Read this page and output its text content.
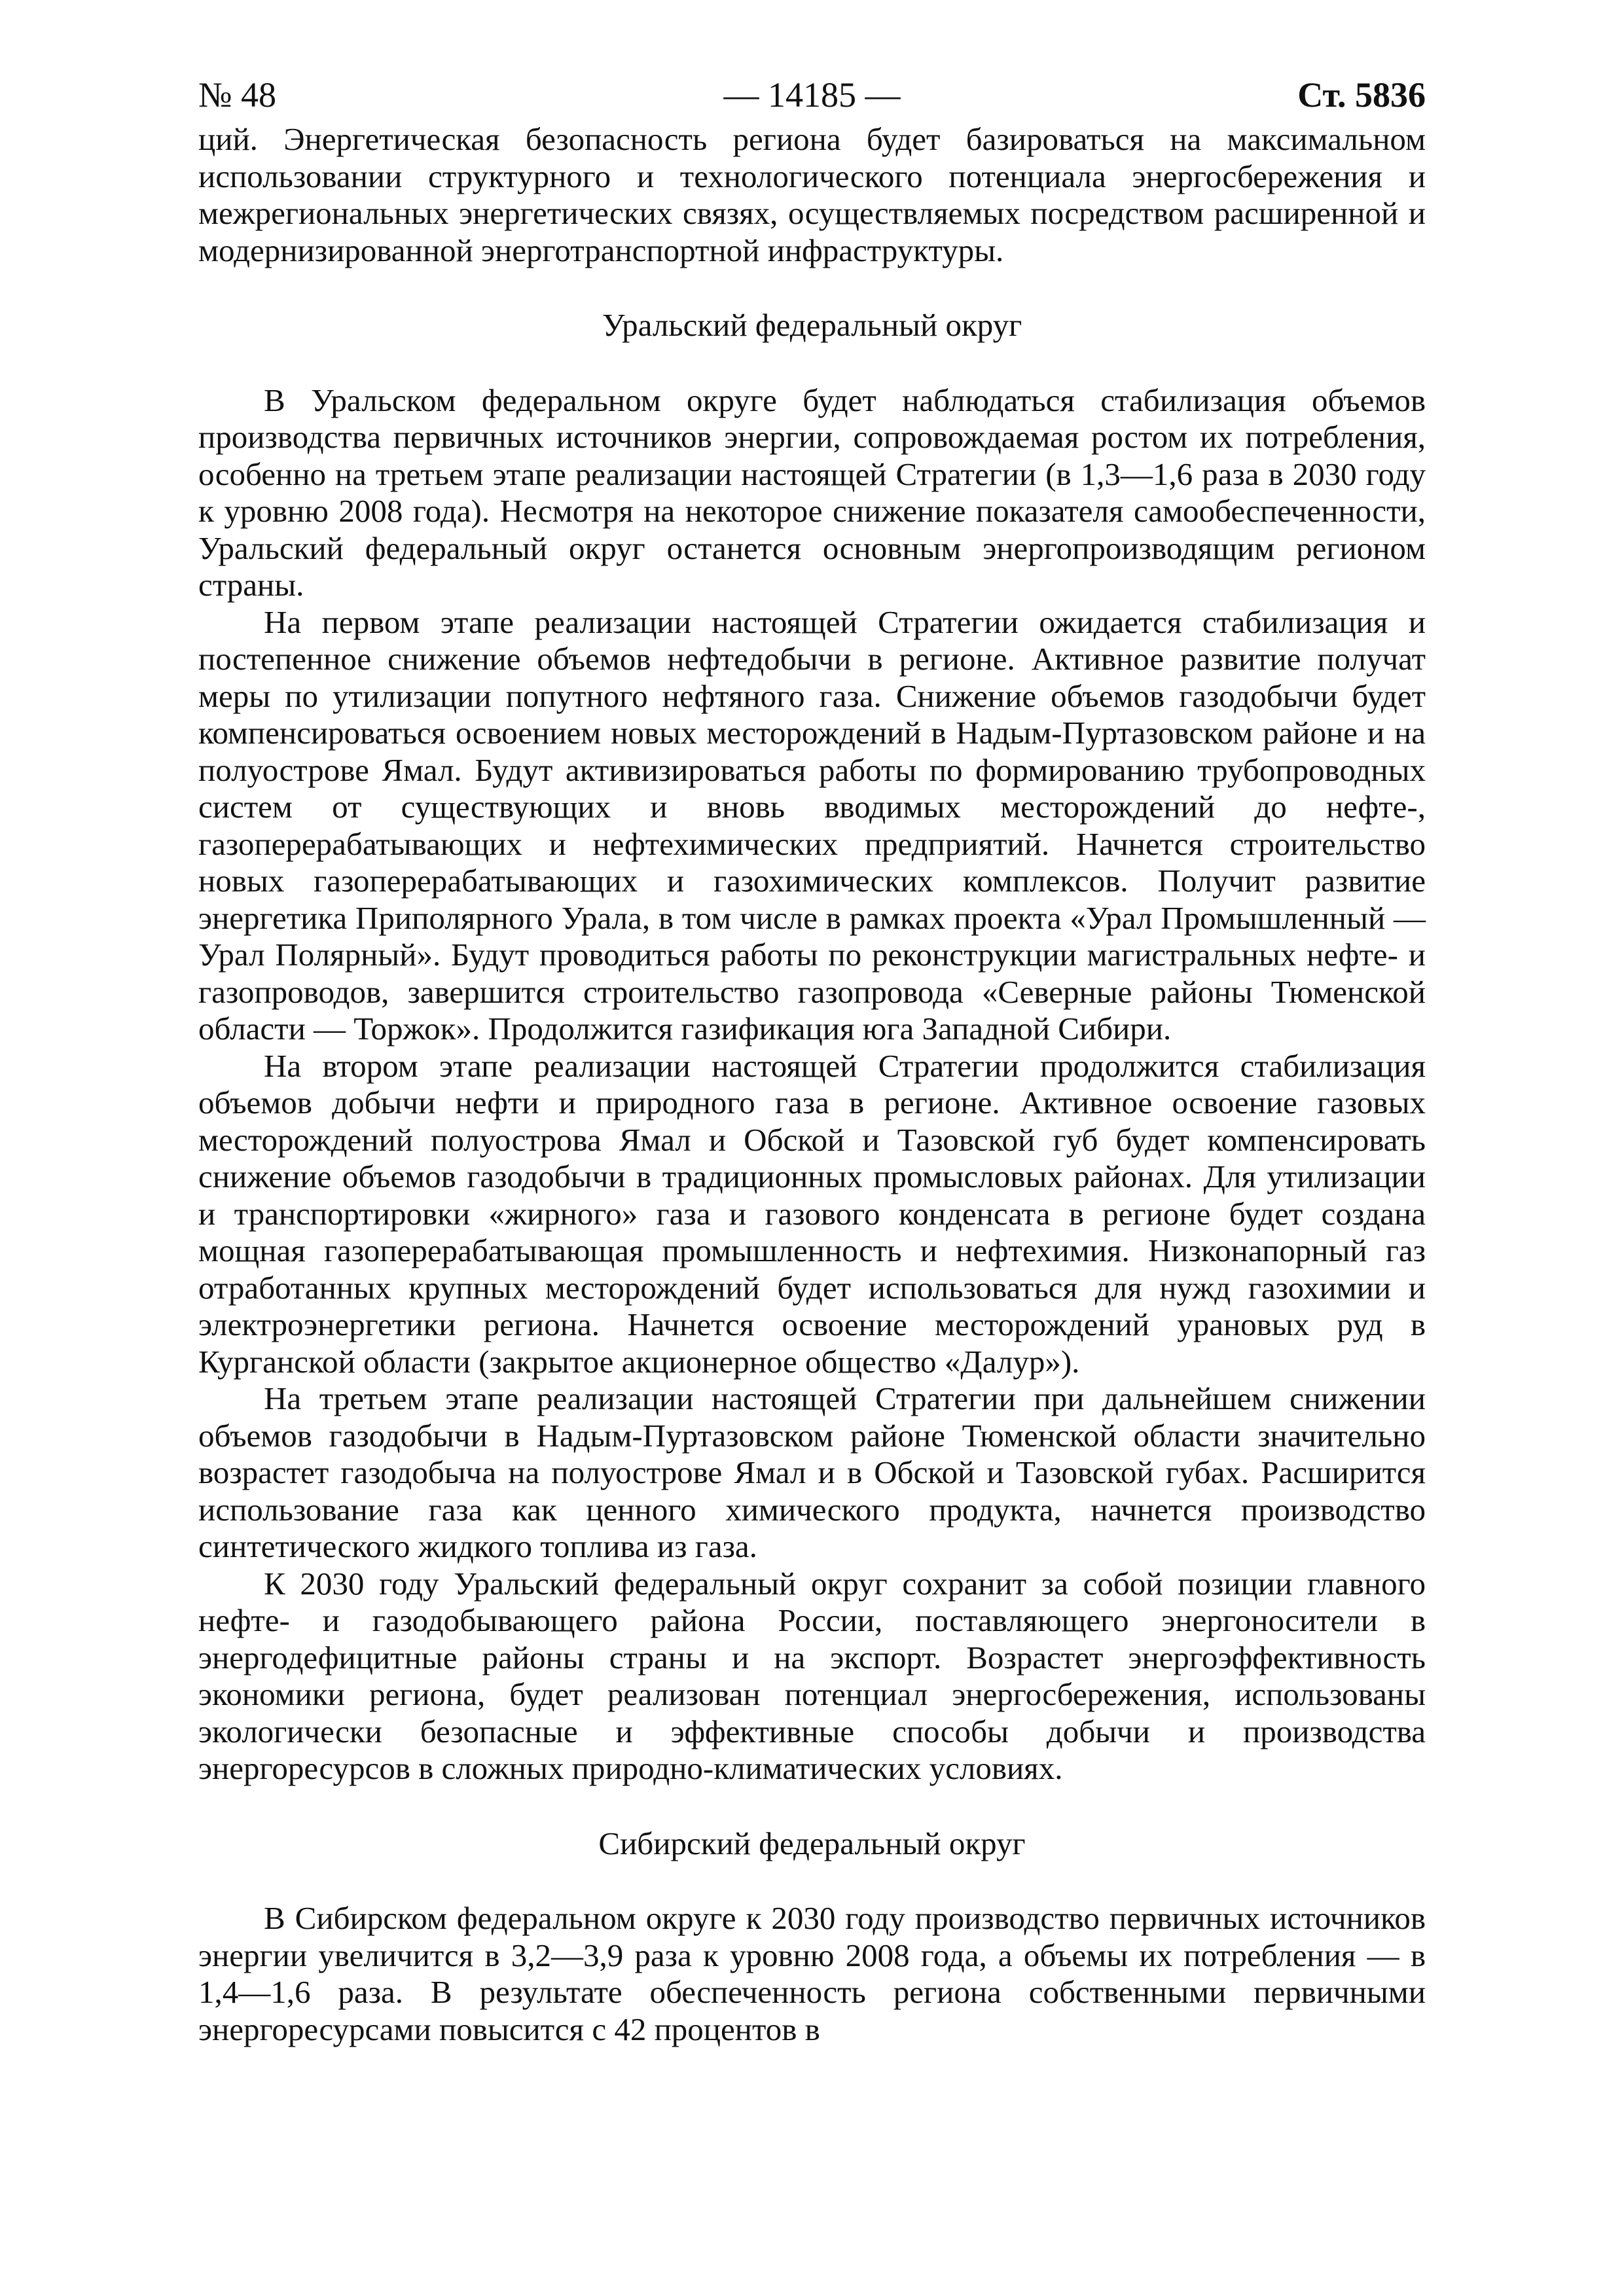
№ 48	— 14185 —	Ст. 5836

ций. Энергетическая безопасность региона будет базироваться на максимальном использовании структурного и технологического потенциала энергосбережения и межрегиональных энергетических связях, осуществляемых посредством расширенной и модернизированной энерготранспортной инфраструктуры.

Уральский федеральный округ

В Уральском федеральном округе будет наблюдаться стабилизация объемов производства первичных источников энергии, сопровождаемая ростом их потребления, особенно на третьем этапе реализации настоящей Стратегии (в 1,3—1,6 раза в 2030 году к уровню 2008 года). Несмотря на некоторое снижение показателя самообеспеченности, Уральский федеральный округ останется основным энергопроизводящим регионом страны.

На первом этапе реализации настоящей Стратегии ожидается стабилизация и постепенное снижение объемов нефтедобычи в регионе. Активное развитие получат меры по утилизации попутного нефтяного газа. Снижение объемов газодобычи будет компенсироваться освоением новых месторождений в Надым-Пуртазовском районе и на полуострове Ямал. Будут активизироваться работы по формированию трубопроводных систем от существующих и вновь вводимых месторождений до нефте-, газоперерабатывающих и нефтехимических предприятий. Начнется строительство новых газоперерабатывающих и газохимических комплексов. Получит развитие энергетика Приполярного Урала, в том числе в рамках проекта «Урал Промышленный — Урал Полярный». Будут проводиться работы по реконструкции магистральных нефте- и газопроводов, завершится строительство газопровода «Северные районы Тюменской области — Торжок». Продолжится газификация юга Западной Сибири.

На втором этапе реализации настоящей Стратегии продолжится стабилизация объемов добычи нефти и природного газа в регионе. Активное освоение газовых месторождений полуострова Ямал и Обской и Тазовской губ будет компенсировать снижение объемов газодобычи в традиционных промысловых районах. Для утилизации и транспортировки «жирного» газа и газового конденсата в регионе будет создана мощная газоперерабатывающая промышленность и нефтехимия. Низконапорный газ отработанных крупных месторождений будет использоваться для нужд газохимии и электроэнергетики региона. Начнется освоение месторождений урановых руд в Курганской области (закрытое акционерное общество «Далур»).

На третьем этапе реализации настоящей Стратегии при дальнейшем снижении объемов газодобычи в Надым-Пуртазовском районе Тюменской области значительно возрастет газодобыча на полуострове Ямал и в Обской и Тазовской губах. Расширится использование газа как ценного химического продукта, начнется производство синтетического жидкого топлива из газа.

К 2030 году Уральский федеральный округ сохранит за собой позиции главного нефте- и газодобывающего района России, поставляющего энергоносители в энергодефицитные районы страны и на экспорт. Возрастет энергоэффективность экономики региона, будет реализован потенциал энергосбережения, использованы экологически безопасные и эффективные способы добычи и производства энергоресурсов в сложных природно-климатических условиях.

Сибирский федеральный округ

В Сибирском федеральном округе к 2030 году производство первичных источников энергии увеличится в 3,2—3,9 раза к уровню 2008 года, а объемы их потребления — в 1,4—1,6 раза. В результате обеспеченность региона собственными первичными энергоресурсами повысится с 42 процентов в
